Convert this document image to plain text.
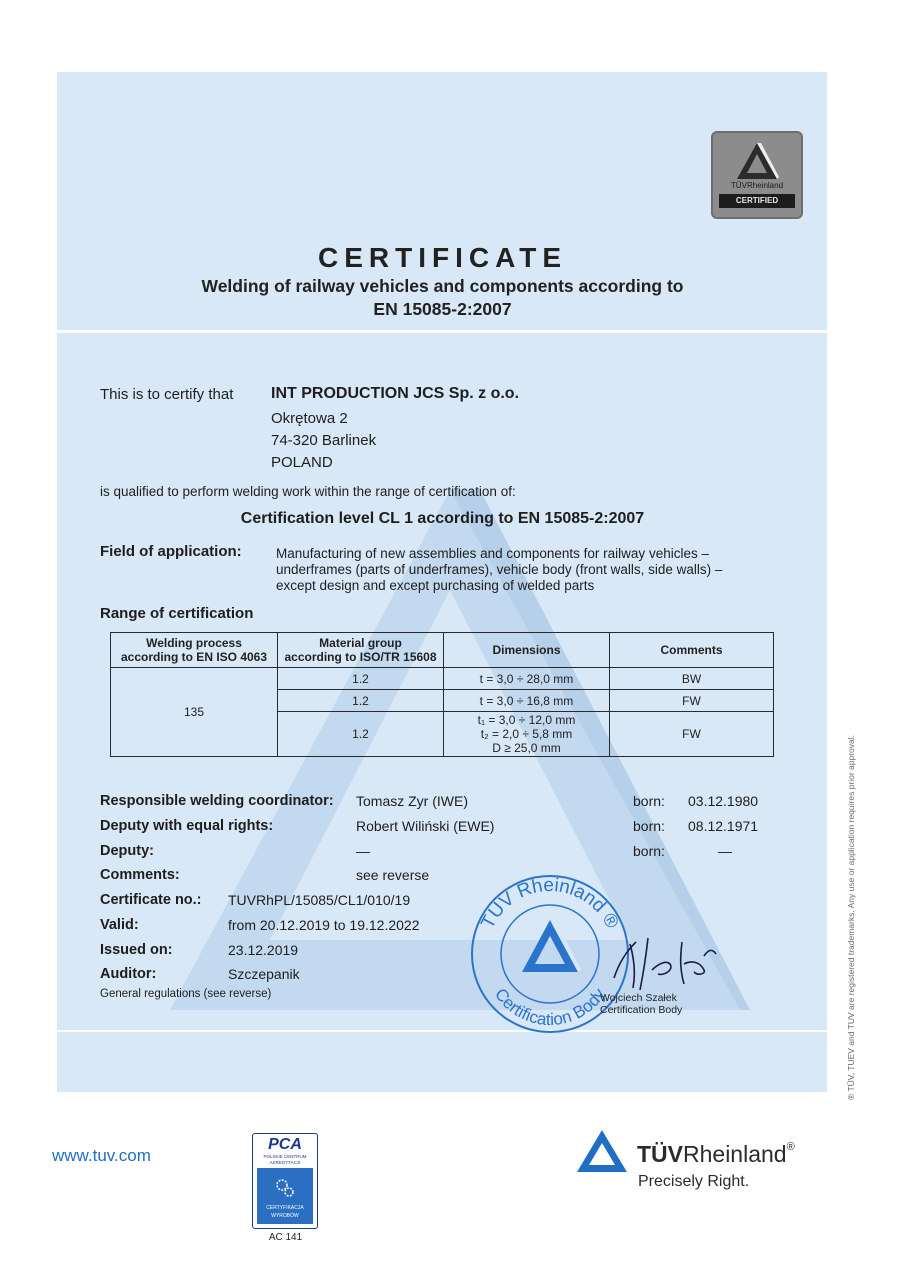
TÜVRheinland
CERTIFIED
CERTIFICATE
Welding of railway vehicles and components according to
EN 15085-2:2007
This is to certify that INT PRODUCTION JCS Sp. z o.o.
Okrętowa 2
74-320 Barlinek
POLAND
is qualified to perform welding work within the range of certification of:
Certification level CL 1 according to EN 15085-2:2007
Field of application:	Manufacturing of new assemblies and components for railway vehicles –
underframes (parts of underframes), vehicle body (front walls, side walls) –
except design and except purchasing of welded parts
Range of certification
Welding process
according to EN ISO 4063	Material group
according to ISO/TR 15608	Dimensions	Comments
135	1.2	t = 3,0 ÷ 28,0 mm	BW
	1.2	t = 3,0 ÷ 16,8 mm	FW
	1.2	t₁ = 3,0 ÷ 12,0 mm
t₂ = 2,0 ÷ 5,8 mm
D ≥ 25,0 mm	FW
Responsible welding coordinator: Tomasz Zyr (IWE)	born: 03.12.1980
Deputy with equal rights:	Robert Wiliński (EWE)	born: 08.12.1971
Deputy:	—	born:	—
Comments:	see reverse
Certificate no.: TUVRhPL/15085/CL1/010/19
Valid:	from 20.12.2019 to 19.12.2022
Issued on:	23.12.2019
Auditor:	Szczepanik
General regulations (see reverse)
TÜV Rheinland ®
Certification Body
Wojciech Szałek
Certification Body	® TÜV, TUEV and TUV are registered trademarks. Any use or application requires prior approval.
www.tuv.com
PCA
POLSKIE CENTRUM
AKREDYTACJI
CERTYFIKACJA
WYROBÓW
AC 141
TÜVRheinland®
Precisely Right.
